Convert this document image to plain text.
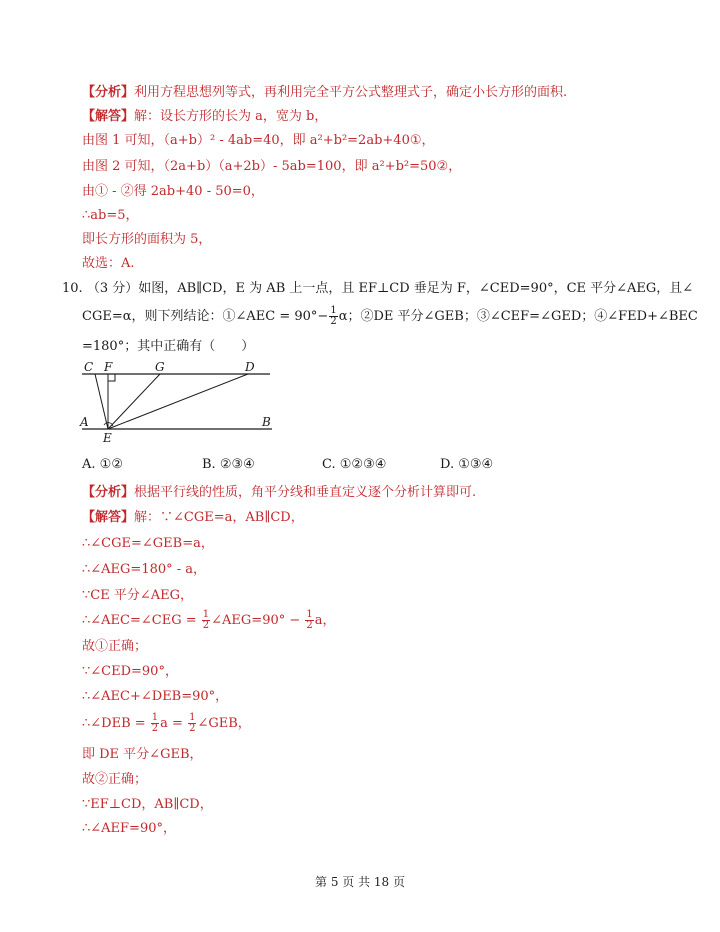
【分析】利用方程思想列等式，再利用完全平方公式整理式子，确定小长方形的面积.
【解答】解：设长方形的长为 a，宽为 b，
由图 1 可知，（a+b）² - 4ab=40，即 a²+b²=2ab+40①，
由图 2 可知，（2a+b）（a+2b）- 5ab=100，即 a²+b²=50②，
由① - ②得 2ab+40 - 50=0，
∴ab=5，
即长方形的面积为 5，
故选：A.
10. （3 分）如图，AB∥CD，E 为 AB 上一点，且 EF⊥CD 垂足为 F，∠CED=90°，CE 平分∠AEG，且∠
CGE=α，则下列结论：①∠AEC = $90^\circ- \frac{1}{2}$ α；②DE 平分∠GEB；③∠CEF=∠GED；④∠FED+∠BEC
=180°；其中正确有（　　）
C F	G	D
A
E
B
A. ①②	B. ②③④	C. ①②③④	D. ①③④
【分析】根据平行线的性质，角平分线和垂直定义逐个分析计算即可.
【解答】解：∵∠CGE=a，AB∥CD，
∴∠CGE=∠GEB=a，
∴∠AEG=180° - a，
∵CE 平分∠AEG，
∴∠AEC=∠CEG = $\frac{1}{2}$ ∠AEG=90° − $\frac{1}{2}$ a，
故①正确；
∵∠CED=90°，
∴∠AEC+∠DEB=90°，
∴∠DEB = $\frac{1}{2}$ $a = \frac{1}{2}$ ∠GEB，
即 DE 平分∠GEB，
故②正确；
∵EF⊥CD，AB∥CD，
∴∠AEF=90°，
第 5 页 共 18 页
